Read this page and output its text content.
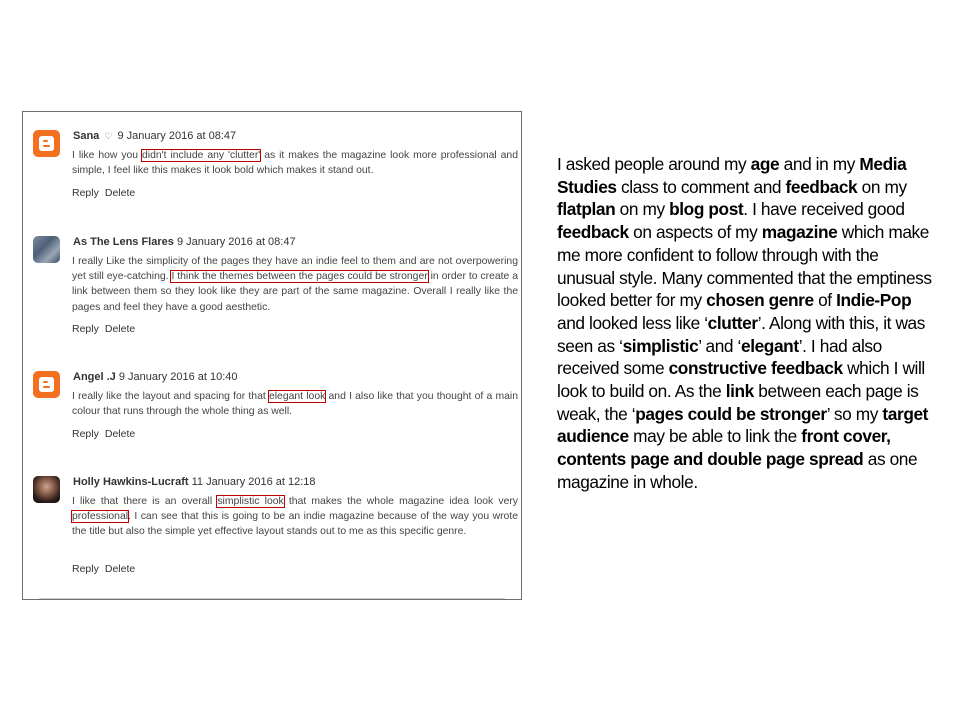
Sana ♡ 9 January 2016 at 08:47
I like how you didn't include any 'clutter' as it makes the magazine look more professional and simple, I feel like this makes it look bold which makes it stand out.
Reply Delete
As The Lens Flares 9 January 2016 at 08:47
I really Like the simplicity of the pages they have an indie feel to them and are not overpowering yet still eye-catching. I think the themes between the pages could be stronger in order to create a link between them so they look like they are part of the same magazine. Overall I really like the pages and feel they have a good aesthetic.
Reply Delete
Angel .J 9 January 2016 at 10:40
I really like the layout and spacing for that elegant look and I also like that you thought of a main colour that runs through the whole thing as well.
Reply Delete
Holly Hawkins-Lucraft 11 January 2016 at 12:18
I like that there is an overall simplistic look that makes the whole magazine idea look very professional. I can see that this is going to be an indie magazine because of the way you wrote the title but also the simple yet effective layout stands out to me as this specific genre.
Reply Delete
I asked people around my age and in my Media Studies class to comment and feedback on my flatplan on my blog post. I have received good feedback on aspects of my magazine which make me more confident to follow through with the unusual style. Many commented that the emptiness looked better for my chosen genre of Indie-Pop and looked less like ‘clutter’. Along with this, it was seen as ‘simplistic’ and ‘elegant’. I had also received some constructive feedback which I will look to build on. As the link between each page is weak, the ‘pages could be stronger’ so my target audience may be able to link the front cover, contents page and double page spread as one magazine in whole.
